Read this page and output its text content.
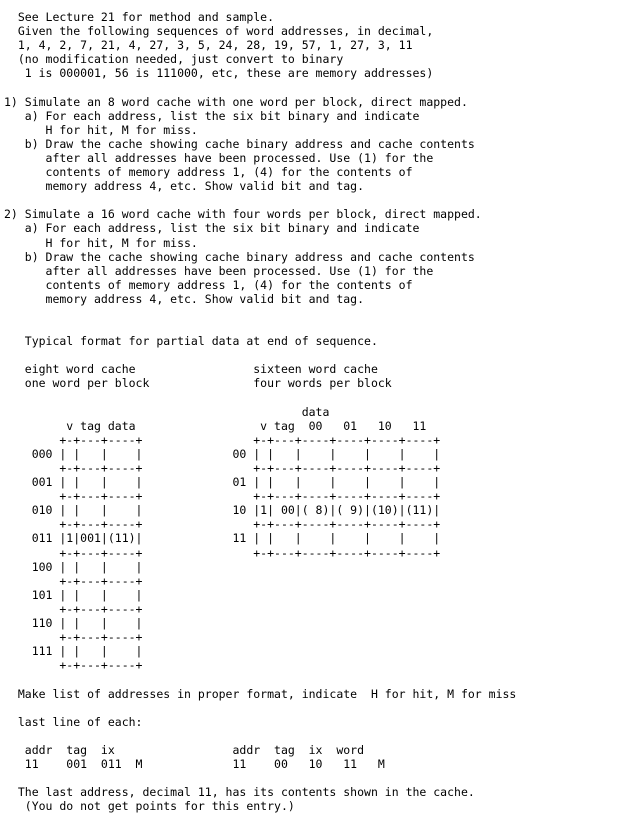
See Lecture 21 for method and sample.
Given the following sequences of word addresses, in decimal,
1, 4, 2, 7, 21, 4, 27, 3, 5, 24, 28, 19, 57, 1, 27, 3, 11
(no modification needed, just convert to binary
1 is 000001, 56 is 111000, etc, these are memory addresses)

1) Simulate an 8 word cache with one word per block, direct mapped.
a) For each address, list the six bit binary and indicate
H for hit, M for miss.
b) Draw the cache showing cache binary address and cache contents
after all addresses have been processed. Use (1) for the
contents of memory address 1, (4) for the contents of
memory address 4, etc. Show valid bit and tag.

2) Simulate a 16 word cache with four words per block, direct mapped.
a) For each address, list the six bit binary and indicate
H for hit, M for miss.
b) Draw the cache showing cache binary address and cache contents
after all addresses have been processed. Use (1) for the
contents of memory address 1, (4) for the contents of
memory address 4, etc. Show valid bit and tag.

Typical format for partial data at end of sequence.

eight word cache                 sixteen word cache
one word per block               four words per block

data
v tag data                  v tag  00   01   10   11
+-+---+----+                +-+---+----+----+----+----+
000 | |   |    |             00 | |   |    |    |    |    |
+-+---+----+                +-+---+----+----+----+----+
001 | |   |    |             01 | |   |    |    |    |    |
+-+---+----+                +-+---+----+----+----+----+
010 | |   |    |             10 |1| 00|( 8)|( 9)|(10)|(11)|
+-+---+----+                +-+---+----+----+----+----+
011 |1|001|(11)|             11 | |   |    |    |    |    |
+-+---+----+                +-+---+----+----+----+----+
100 | |   |    |
+-+---+----+
101 | |   |    |
+-+---+----+
110 | |   |    |
+-+---+----+
111 | |   |    |
+-+---+----+

Make list of addresses in proper format, indicate  H for hit, M for miss

last line of each:

addr  tag  ix                 addr  tag  ix  word
11    001  011  M             11    00   10   11   M

The last address, decimal 11, has its contents shown in the cache.
(You do not get points for this entry.)
